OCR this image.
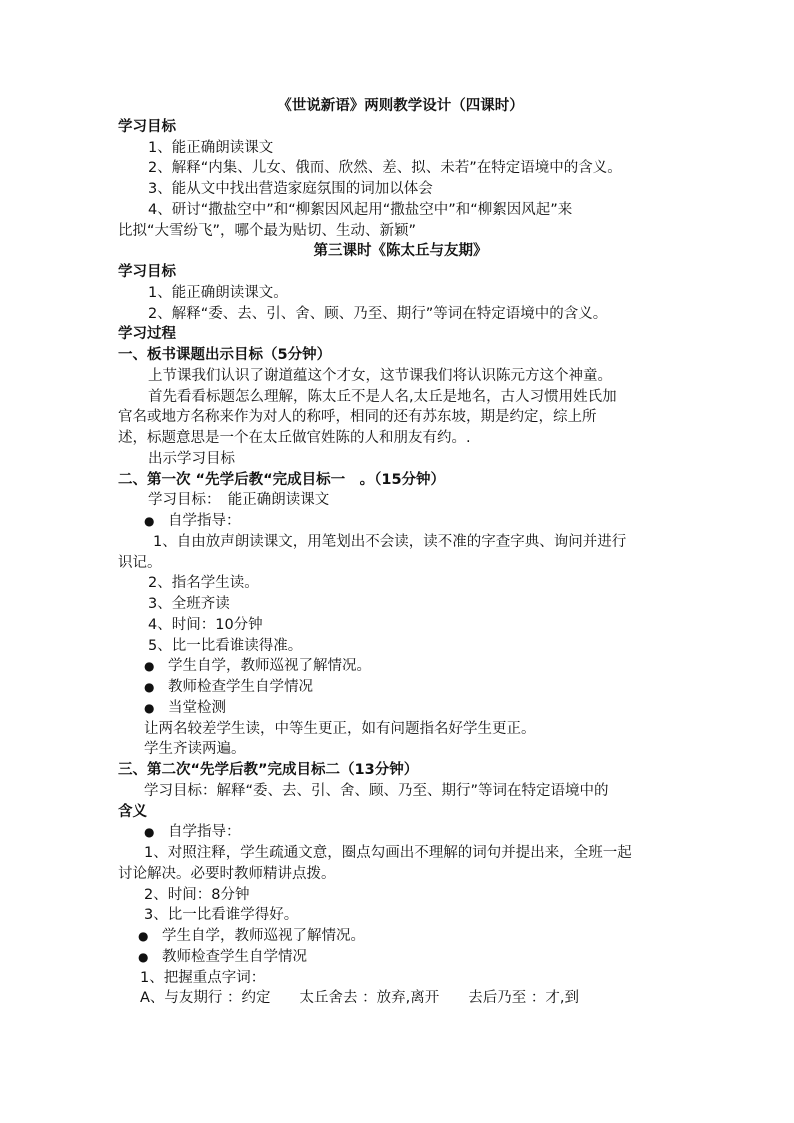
《世说新语》两则教学设计（四课时）
学习目标
1、能正确朗读课文
2、解释“内集、儿女、俄而、欣然、差、拟、未若”在特定语境中的含义。
3、能从文中找出营造家庭氛围的词加以体会
4、研讨“撒盐空中”和“柳絮因风起用“撒盐空中”和“柳絮因风起”来
比拟“大雪纷飞”，哪个最为贴切、生动、新颖”
第三课时《陈太丘与友期》
学习目标
1、能正确朗读课文。
2、解释“委、去、引、舍、顾、乃至、期行”等词在特定语境中的含义。
学习过程
一、板书课题出示目标（5分钟）
上节课我们认识了谢道蕴这个才女，这节课我们将认识陈元方这个神童。
首先看看标题怎么理解，陈太丘不是人名,太丘是地名，古人习惯用姓氏加
官名或地方名称来作为对人的称呼，相同的还有苏东坡，期是约定，综上所
述，标题意思是一个在太丘做官姓陈的人和朋友有约。.
出示学习目标
二、第一次 “先学后教“完成目标一　。（15分钟）
学习目标：　能正确朗读课文
● 自学指导：
1、自由放声朗读课文，用笔划出不会读，读不准的字查字典、询问并进行
识记。
2、指名学生读。
3、全班齐读
4、时间：10分钟
5、比一比看谁读得准。
● 学生自学，教师巡视了解情况。
● 教师检查学生自学情况
● 当堂检测
让两名较差学生读，中等生更正，如有问题指名好学生更正。
学生齐读两遍。
三、第二次“先学后教”完成目标二（13分钟）
学习目标：解释“委、去、引、舍、顾、乃至、期行”等词在特定语境中的
含义
● 自学指导：
1、对照注释，学生疏通文意，圈点勾画出不理解的词句并提出来，全班一起
讨论解决。必要时教师精讲点拨。
2、时间：8分钟
3、比一比看谁学得好。
● 学生自学，教师巡视了解情况。
● 教师检查学生自学情况
1、把握重点字词：
A、与友期行 ：约定　　太丘舍去 ：放弃,离开　　去后乃至 ：才,到
